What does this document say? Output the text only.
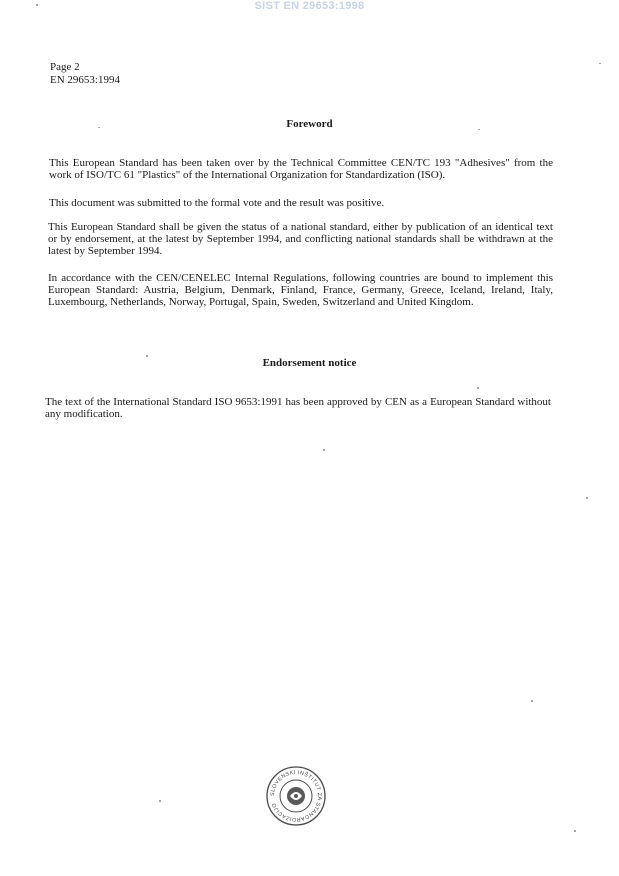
SIST EN 29653:1998
Page 2
EN 29653:1994
Foreword

This European Standard has been taken over by the Technical Committee CEN/TC 193 "Adhesives" from the work of ISO/TC 61 "Plastics" of the International Organization for Standardization (ISO).

This document was submitted to the formal vote and the result was positive.

This European Standard shall be given the status of a national standard, either by publication of an identical text or by endorsement, at the latest by September 1994, and conflicting national standards shall be withdrawn at the latest by September 1994.

In accordance with the CEN/CENELEC Internal Regulations, following countries are bound to implement this European Standard: Austria, Belgium, Denmark, Finland, France, Germany, Greece, Iceland, Ireland, Italy, Luxembourg, Netherlands, Norway, Portugal, Spain, Sweden, Switzerland and United Kingdom.

Endorsement notice

The text of the International Standard ISO 9653:1991 has been approved by CEN as a European Standard without any modification.

SLOVENSKI INŠTITUT ZA STANDARDIZACIJO
